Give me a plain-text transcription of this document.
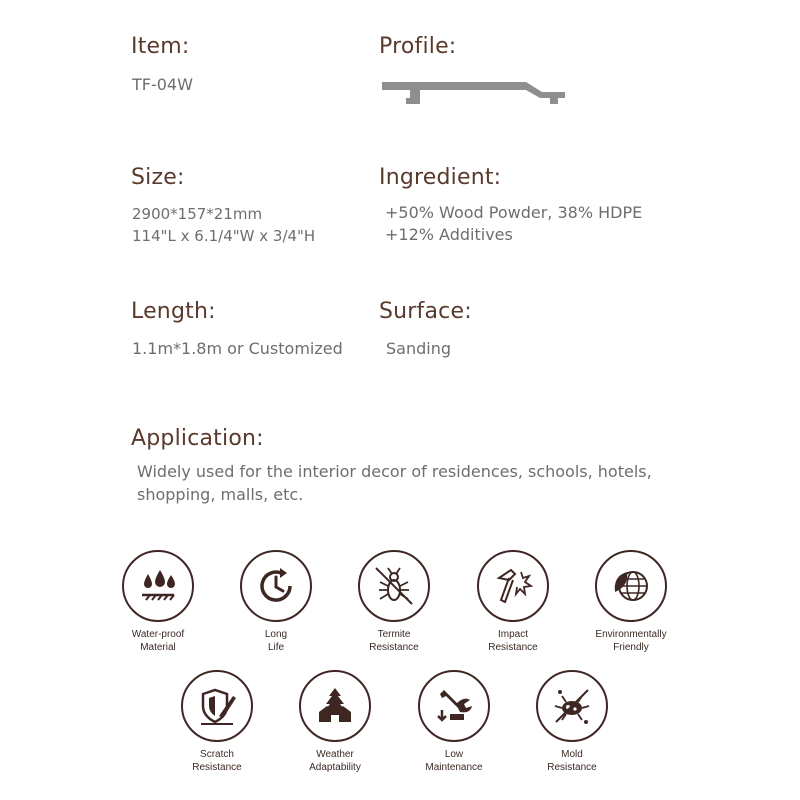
Item:
TF-04W
Profile:
Size:
2900*157*21mm
114"L x 6.1/4"W x 3/4"H
Ingredient:
+50% Wood Powder, 38% HDPE
+12% Additives
Length:
1.1m*1.8m or Customized
Surface:
Sanding
Application:
Widely used for the interior decor of residences, schools, hotels,
shopping, malls, etc.
Water-proof
Material
Long
Life
Termite
Resistance
Impact
Resistance
Environmentally
Friendly
Scratch
Resistance
Weather
Adaptability
Low
Maintenance
Mold
Resistance
